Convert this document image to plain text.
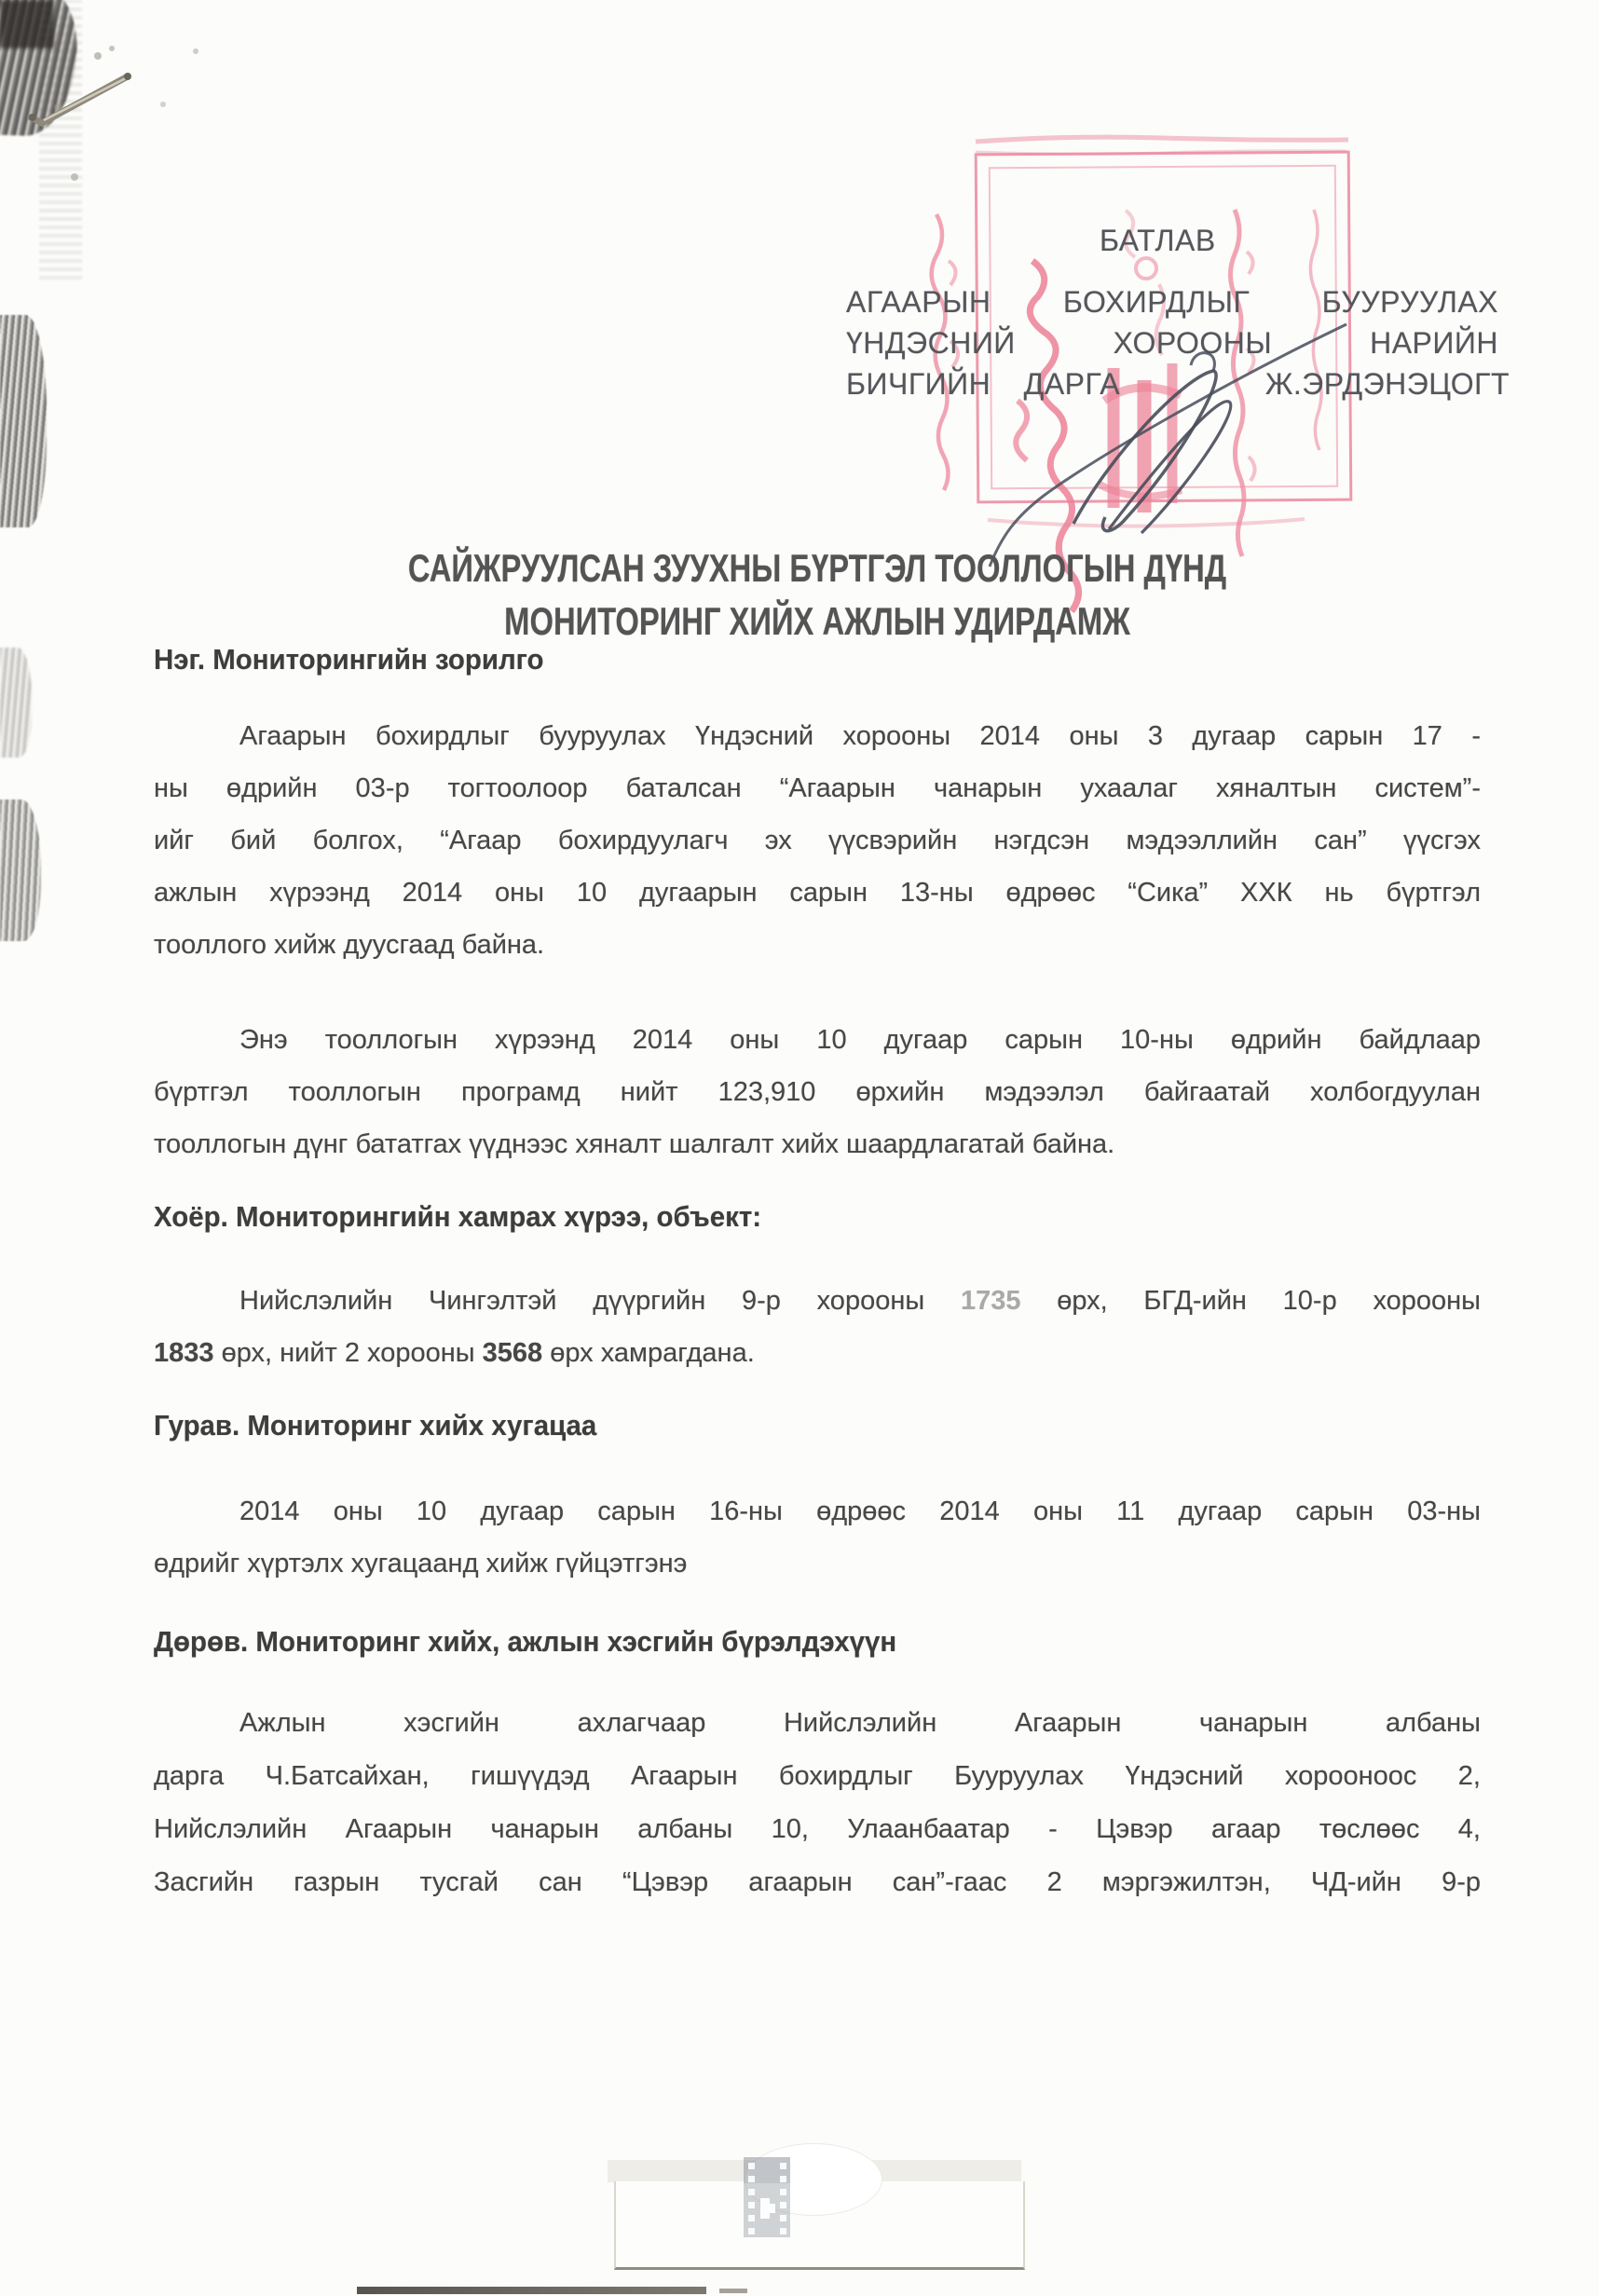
БАТЛАВ
АГААРЫН БОХИРДЛЫГ БУУРУУЛАХ
ҮНДЭСНИЙ	ХОРООНЫ	НАРИЙН
БИЧГИЙН ДАРГА	Ж.ЭРДЭНЭЦОГТ
САЙЖРУУЛСАН ЗУУХНЫ БҮРТГЭЛ ТООЛЛОГЫН ДҮНД
МОНИТОРИНГ ХИЙХ АЖЛЫН УДИРДАМЖ
Нэг. Мониторингийн зорилго
Агаарын бохирдлыг бууруулах Үндэсний хорооны 2014 оны 3 дугаар сарын 17 -
ны өдрийн 03-р тогтоолоор баталсан “Агаарын чанарын ухаалаг хяналтын систем”-
ийг бий болгох, “Агаар бохирдуулагч эх үүсвэрийн нэгдсэн мэдээллийн сан” үүсгэх
ажлын хүрээнд 2014 оны 10 дугаарын сарын 13-ны өдрөөс “Сика” ХХК нь бүртгэл
тооллого хийж дуусгаад байна.
Энэ тооллогын хүрээнд 2014 оны 10 дугаар сарын 10-ны өдрийн байдлаар
бүртгэл тооллогын програмд нийт 123,910 өрхийн мэдээлэл байгаатай холбогдуулан
тооллогын дүнг бататгах үүднээс хяналт шалгалт хийх шаардлагатай байна.
Хоёр. Мониторингийн хамрах хүрээ, объект:
Нийслэлийн Чингэлтэй дүүргийн 9-р хорооны 1735 өрх, БГД-ийн 10-р хорооны
1833 өрх, нийт 2 хорооны 3568 өрх хамрагдана.
Гурав. Мониторинг хийх хугацаа
2014 оны 10 дугаар сарын 16-ны өдрөөс 2014 оны 11 дугаар сарын 03-ны
өдрийг хүртэлх хугацаанд хийж гүйцэтгэнэ
Дөрөв. Мониторинг хийх, ажлын хэсгийн бүрэлдэхүүн
Ажлын хэсгийн ахлагчаар Нийслэлийн Агаарын чанарын албаны
дарга Ч.Батсайхан, гишүүдэд Агаарын бохирдлыг Бууруулах Үндэсний хорооноос 2,
Нийслэлийн Агаарын чанарын албаны 10, Улаанбаатар - Цэвэр агаар төслөөс 4,
Засгийн газрын тусгай сан “Цэвэр агаарын сан”-гаас 2 мэргэжилтэн, ЧД-ийн 9-р
